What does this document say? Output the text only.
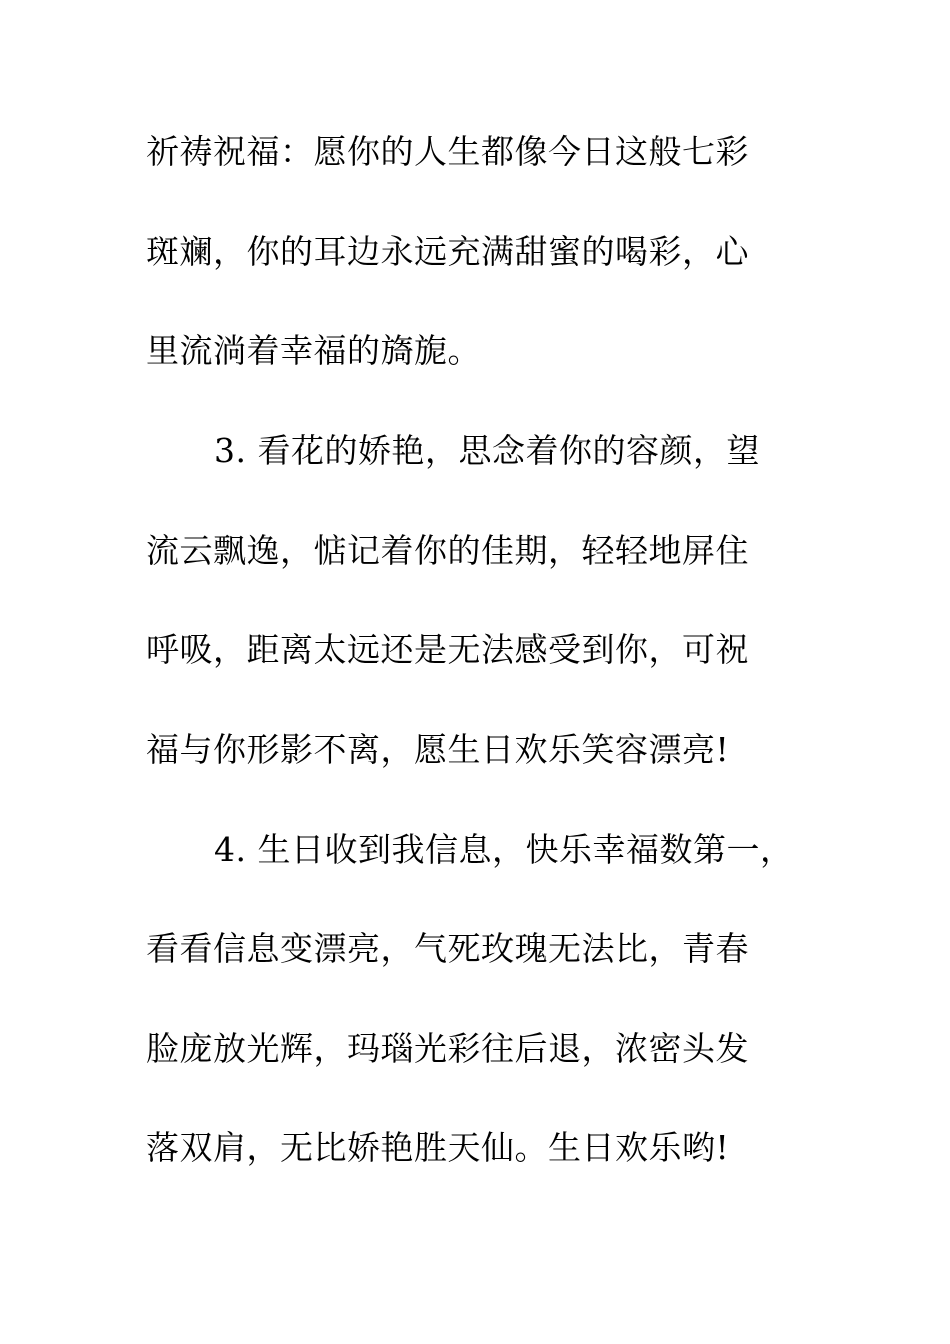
祈祷祝福：愿你的人生都像今日这般七彩

斑斓，你的耳边永远充满甜蜜的喝彩，心

里流淌着幸福的旖旎。

3. 看花的娇艳，思念着你的容颜，望

流云飘逸，惦记着你的佳期，轻轻地屏住

呼吸，距离太远还是无法感受到你，可祝

福与你形影不离，愿生日欢乐笑容漂亮!

4. 生日收到我信息，快乐幸福数第一，

看看信息变漂亮，气死玫瑰无法比，青春

脸庞放光辉，玛瑙光彩往后退，浓密头发

落双肩，无比娇艳胜天仙。生日欢乐哟!
